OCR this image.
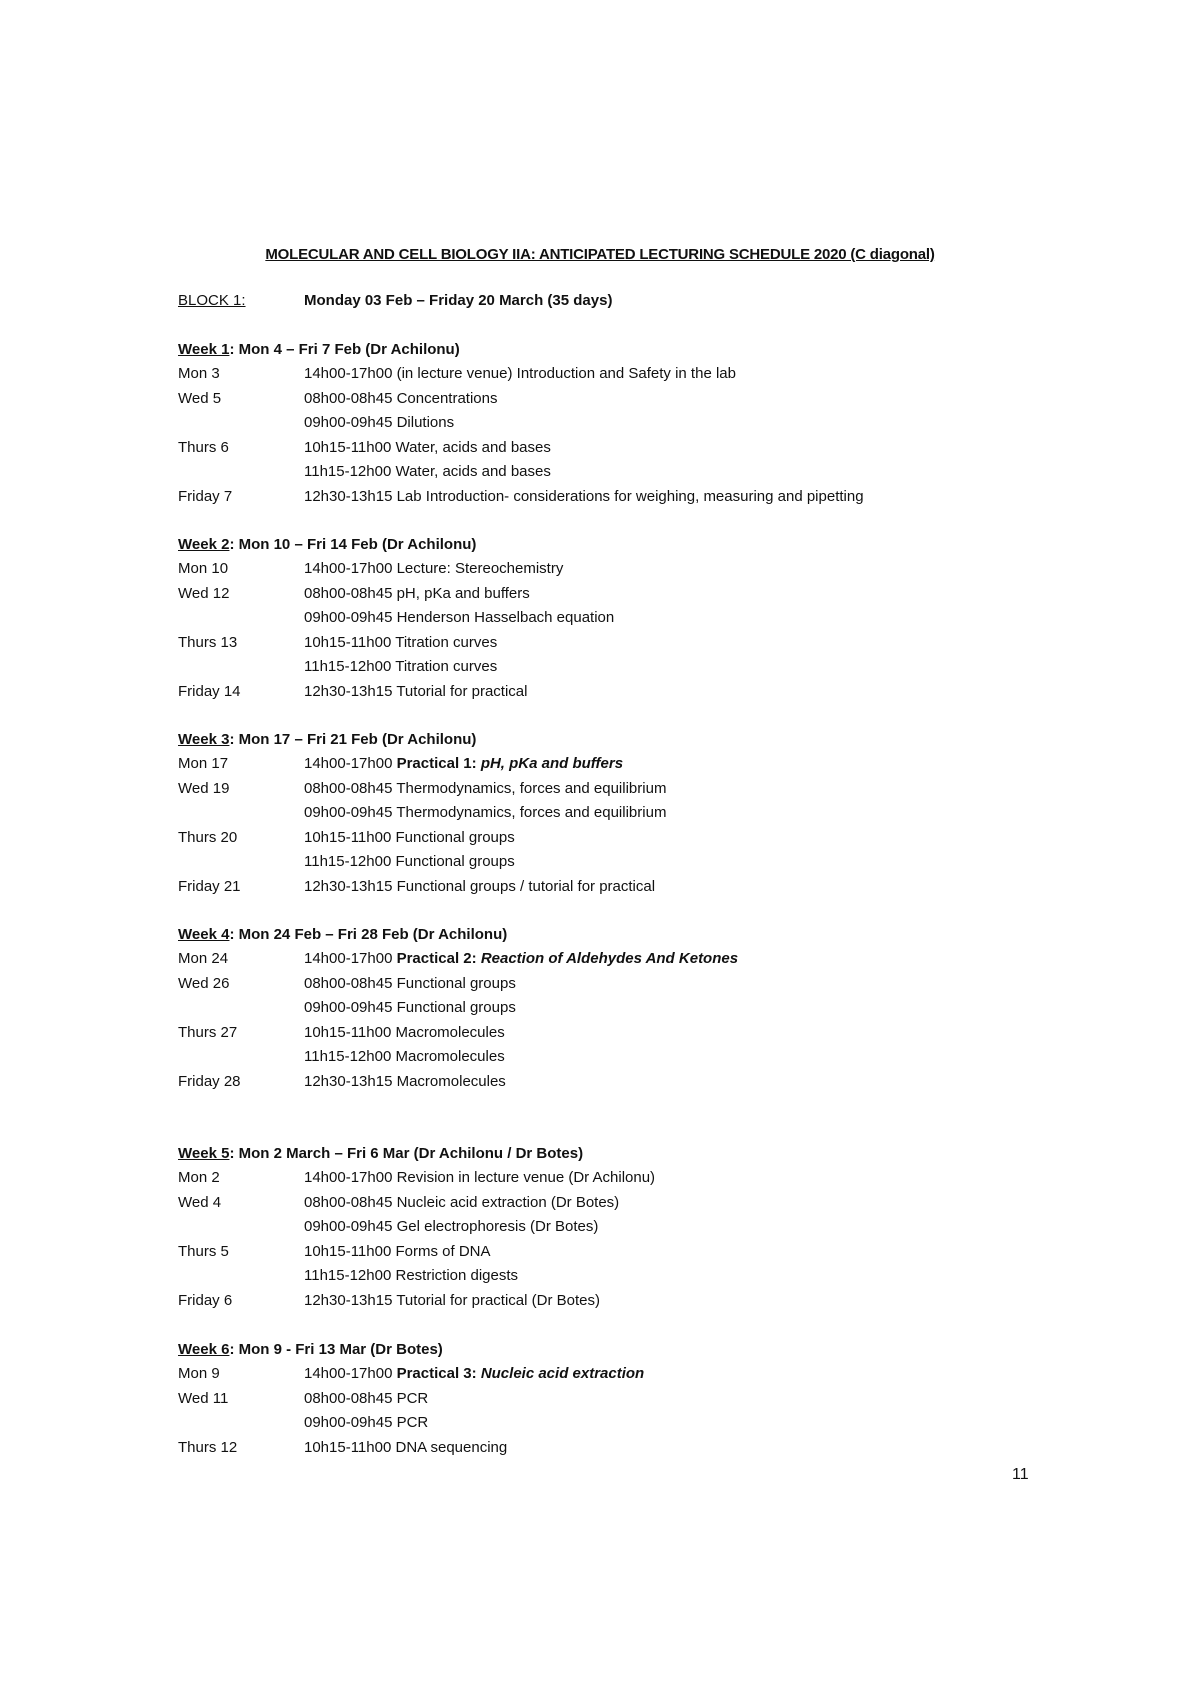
MOLECULAR AND CELL BIOLOGY IIA: ANTICIPATED LECTURING SCHEDULE 2020 (C diagonal)
BLOCK 1:	Monday 03 Feb – Friday 20 March (35 days)
Week 1: Mon 4 – Fri 7 Feb (Dr Achilonu)
Mon 3	14h00-17h00 (in lecture venue) Introduction and Safety in the lab
Wed 5	08h00-08h45 Concentrations
09h00-09h45 Dilutions
Thurs 6	10h15-11h00 Water, acids and bases
11h15-12h00 Water, acids and bases
Friday 7	12h30-13h15 Lab Introduction- considerations for weighing, measuring and pipetting
Week 2: Mon 10 – Fri 14 Feb (Dr Achilonu)
Mon 10	14h00-17h00 Lecture: Stereochemistry
Wed 12	08h00-08h45 pH, pKa and buffers
09h00-09h45 Henderson Hasselbach equation
Thurs 13	10h15-11h00 Titration curves
11h15-12h00 Titration curves
Friday 14	12h30-13h15 Tutorial for practical
Week 3: Mon 17 – Fri 21 Feb (Dr Achilonu)
Mon 17	14h00-17h00 Practical 1: pH, pKa and buffers
Wed 19	08h00-08h45 Thermodynamics, forces and equilibrium
09h00-09h45 Thermodynamics, forces and equilibrium
Thurs 20	10h15-11h00 Functional groups
11h15-12h00 Functional groups
Friday 21	12h30-13h15 Functional groups / tutorial for practical
Week 4: Mon 24 Feb – Fri 28 Feb (Dr Achilonu)
Mon 24	14h00-17h00 Practical 2: Reaction of Aldehydes And Ketones
Wed 26	08h00-08h45 Functional groups
09h00-09h45 Functional groups
Thurs 27	10h15-11h00 Macromolecules
11h15-12h00 Macromolecules
Friday 28	12h30-13h15 Macromolecules
Week 5: Mon 2 March – Fri 6 Mar (Dr Achilonu / Dr Botes)
Mon 2	14h00-17h00 Revision in lecture venue (Dr Achilonu)
Wed 4	08h00-08h45 Nucleic acid extraction (Dr Botes)
09h00-09h45 Gel electrophoresis (Dr Botes)
Thurs 5	10h15-11h00 Forms of DNA
11h15-12h00 Restriction digests
Friday 6	12h30-13h15 Tutorial for practical (Dr Botes)
Week 6: Mon 9 - Fri 13 Mar (Dr Botes)
Mon 9	14h00-17h00 Practical 3: Nucleic acid extraction
Wed 11	08h00-08h45 PCR
09h00-09h45 PCR
Thurs 12	10h15-11h00 DNA sequencing
11
